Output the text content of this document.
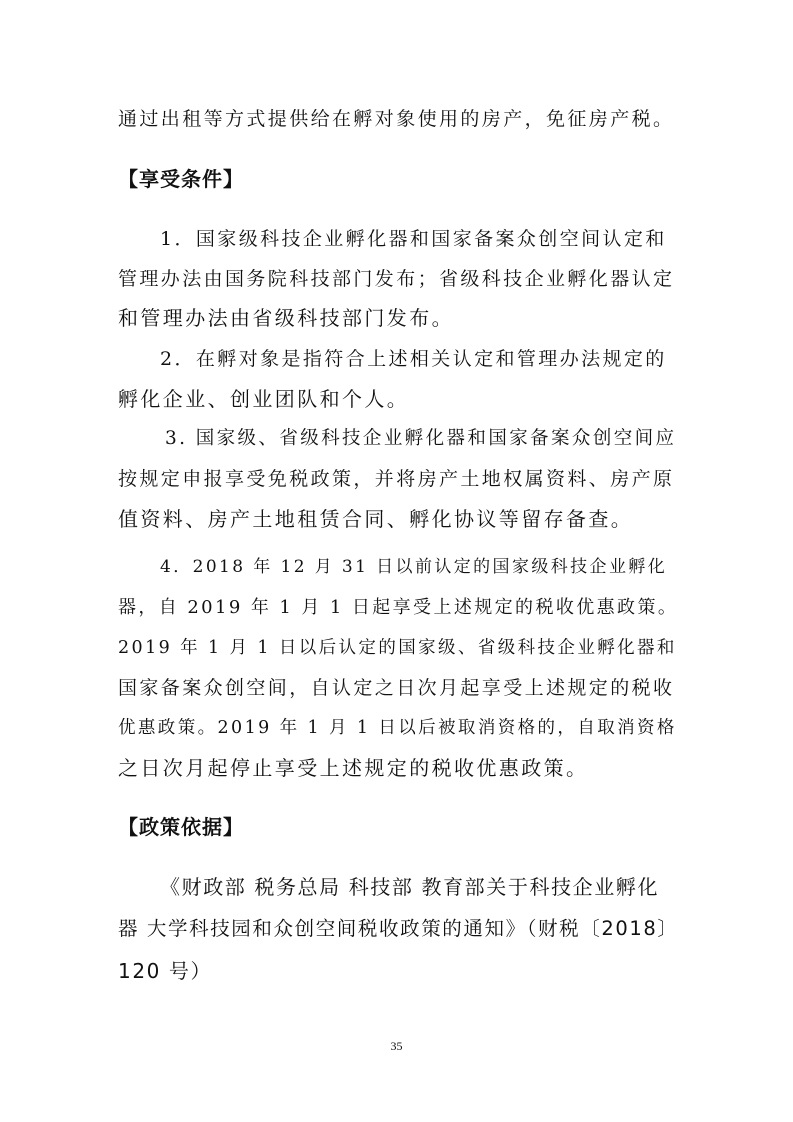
通过出租等方式提供给在孵对象使用的房产，免征房产税。
【享受条件】
1．国家级科技企业孵化器和国家备案众创空间认定和
管理办法由国务院科技部门发布；省级科技企业孵化器认定
和管理办法由省级科技部门发布。
2．在孵对象是指符合上述相关认定和管理办法规定的
孵化企业、创业团队和个人。
3. 国家级、省级科技企业孵化器和国家备案众创空间应
按规定申报享受免税政策，并将房产土地权属资料、房产原
值资料、房产土地租赁合同、孵化协议等留存备查。
4．2018 年 12 月 31 日以前认定的国家级科技企业孵化
器，自 2019 年 1 月 1 日起享受上述规定的税收优惠政策。
2019 年 1 月 1 日以后认定的国家级、省级科技企业孵化器和
国家备案众创空间，自认定之日次月起享受上述规定的税收
优惠政策。2019 年 1 月 1 日以后被取消资格的，自取消资格
之日次月起停止享受上述规定的税收优惠政策。
【政策依据】
《财政部 税务总局 科技部 教育部关于科技企业孵化
器 大学科技园和众创空间税收政策的通知》（财税〔2018〕
120 号）
35
